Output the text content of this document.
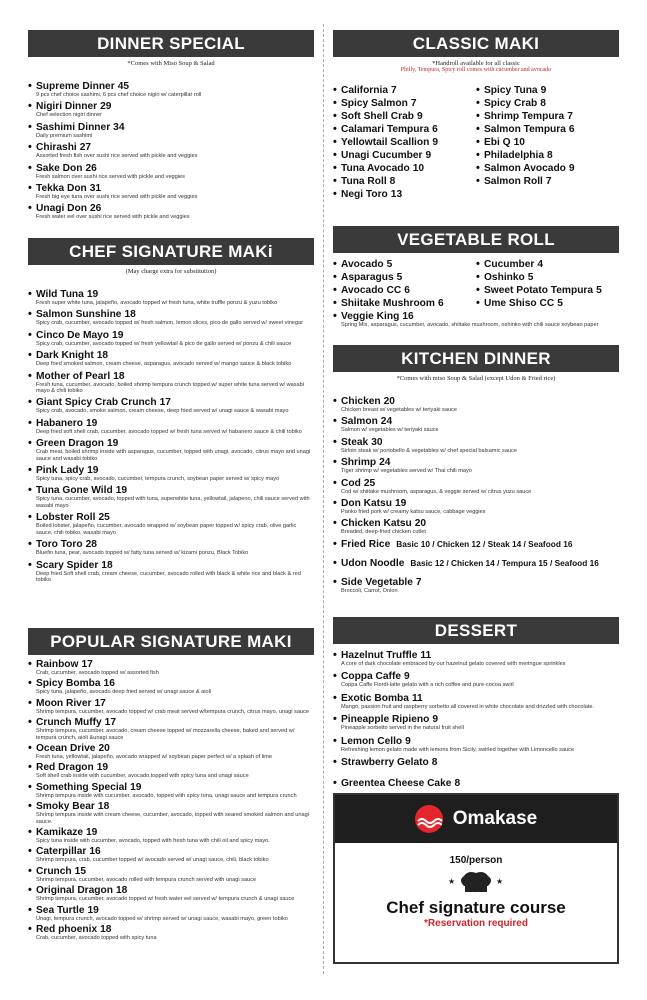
DINNER SPECIAL
*Comes with Miso Soup & Salad
• Supreme Dinner 45
9 pcs chef choice sashimi, 6 pcs chef choice nigiri w/ caterpillar roll
• Nigiri Dinner 29
Chef selection nigiri dinner
• Sashimi Dinner 34
Daily premium sashimi
• Chirashi 27
Assorted fresh fish over sushi rice served with pickle and veggies
• Sake Don 26
Fresh salmon over sushi rice served with pickle and veggies
• Tekka Don 31
Fresh big eye tuna over sushi rice served with pickle and veggies
• Unagi Don 26
Fresh water eel over sushi rice served with pickle and veggies
CHEF SIGNATURE MAKi
(May charge extra for substitution)
• Wild Tuna 19
Fresh super white tuna, jalapeño, avocado topped w/ fresh tuna, white truffle ponzu & yuzu tobiko
• Salmon Sunshine 18
Spicy crab, cucumber, avocado topped w/ fresh salmon, lemon slices, pico de gallo served w/ sweet vinegar
• Cinco De Mayo 19
Spicy crab, cucumber, avocado topped w/ fresh yellowtail & pico de gallo served w/ ponzu & chili sauce
• Dark Knight 18
Deep fried smoked salmon, cream cheese, asparagus, avocado served w/ mango sauce & black tobiko
• Mother of Pearl 18
Fresh tuna, cucumber, avocado, boiled shrimp tempura crunch topped w/ super white tuna served w/ wasabi mayo & chili tobiko
• Giant Spicy Crab Crunch 17
Spicy crab, avocado, smoke salmon, cream cheese, deep fried served w/ unagi sauce & wasabi mayo
• Habanero 19
Deep fried soft shell crab, cucumber, avocado topped w/ fresh tuna served w/ habanero sauce & chili tobiko
• Green Dragon 19
Crab meat, boiled shrimp inside with asparagus, cucumber, topped with unagi, avocado, citrus mayo and unagi sauce and wasabi tobiko
• Pink Lady 19
Spicy tuna, spicy crab, avocado, cucumber, tempura crunch, soybean paper served w/ spicy mayo
• Tuna Gone Wild 19
Spicy tuna, cucumber, avocado, topped with tuna, superwhite tuna, yellowtail, jalapeno, chili sauce served with wasabi mayo
• Lobster Roll 25
Boiled lobster, jalapeño, cucumber, avocado wrapped w/ soybean paper topped w/ spicy crab, olive garlic sauce, chili tobiko, wasabi mayo
• Toro Toro 28
Bluefin tuna, pear, avocado topped w/ fatty tuna served w/ kizami ponzu, Black Tobiko
• Scary Spider 18
Deep fried Soft shell crab, cream cheese, cucumber, avocado rolled with black & white rice and black & red tobiko
POPULAR SIGNATURE MAKI
• Rainbow 17
Crab, cucumber, avocado topped w/ assorted fish
• Spicy Bomba 16
Spicy tuna, jalapeño, avocado deep fried served w/ unagi sauce & aioli
• Moon River 17
Shrimp tempura, cucumber, avocado topped w/ crab meat served w/tempura crunch, citrus mayo, unagi sauce
• Crunch Muffy 17
Shrimp tempura, cucumber, avocado, cream cheese topped w/ mozzarella cheese, baked and served w/ tempura crunch, aioli &unagi sauce
• Ocean Drive 20
Fresh tuna, yellowtail, jalapeño, avocado wrapped w/ soybean paper perfect w/ a splash of lime
• Red Dragon 19
Soft shell crab inside with cucumber, avocado,topped with spicy tuna and unagi sauce
• Something Special 19
Shrimp tempura inside with cucumber, avocado, topped with spicy tuna, unagi sauce and tempura crunch
• Smoky Bear 18
Shrimp tempura inside with cream cheese, cucumber, avocado, topped with seared smoked salmon and unagi sauce.
• Kamikaze 19
Spicy tuna inside with cucumber, avocado, topped with fresh tuna with chili oil and spicy mayo.
• Caterpillar 16
Shrimp tempura, crab, cucumber topped w/ avocado served w/ unagi sauce, chili, black tobiko
• Crunch 15
Shrimp tempura, cucumber, avocado rolled with tempura crunch served with unagi sauce
• Original Dragon 18
Shrimp tempura, cucumber, avocado topped w/ fresh water eel served w/ tempura crunch & unagi sauce
• Sea Turtle 19
Unagi, tempura crunch, avocado topped w/ shrimp served w/ unagi sauce, wasabi mayo, green tobiko
• Red phoenix 18
Crab, cucumber, avocado topped with spicy tuna
CLASSIC MAKI
*Handroll available for all classic
Philly, Tempura, Spicy roll comes with cucumber and avocado
• California 7
• Spicy Salmon 7
• Soft Shell Crab 9
• Calamari Tempura 6
• Yellowtail Scallion 9
• Unagi Cucumber 9
• Tuna Avocado 10
• Tuna Roll 8
• Negi Toro 13
• Spicy Tuna 9
• Spicy Crab 8
• Shrimp Tempura 7
• Salmon Tempura 6
• Ebi Q 10
• Philadelphia 8
• Salmon Avocado 9
• Salmon Roll 7
VEGETABLE ROLL
• Avocado 5
• Asparagus 5
• Avocado CC 6
• Shiitake Mushroom 6
• Cucumber 4
• Oshinko 5
• Sweet Potato Tempura 5
• Ume Shiso CC 5
• Veggie King 16
Spring Mix, asparagus, cucumber, avocado, shiitake mushroom, oshinko with chili sauce soybean paper
KITCHEN DINNER
*Comes with miso Soup & Salad (except Udon & Fried rice)
• Chicken 20
Chicken breast w/ vegetables w/ teriyaki sauce
• Salmon 24
Salmon w/ vegetables w/ teriyaki sauce
• Steak 30
Sirloin steak w/ portobello & vegetables w/ chef special balsamic sauce
• Shrimp 24
Tiger shrimp w/ vegetables served w/ Thai chili mayo
• Cod 25
Cod w/ shiitake mushroom, asparagus, & veggie served w/ citrus yuzu sauce
• Don Katsu 19
Panko fried pork w/ creamy katsu sauce, cabbage veggies
• Chicken Katsu 20
Breaded, deep-fried chicken cutlet
• Fried Rice Basic 10 / Chicken 12 / Steak 14 / Seafood 16
• Udon Noodle Basic 12 / Chicken 14 / Tempura 15 / Seafood 16
• Side Vegetable 7
Broccoli, Carrot, Onion
DESSERT
• Hazelnut Truffle 11
A core of dark chocolate embraced by our hazelnut gelato covered with meringue sprinkles
• Coppa Caffe 9
Coppa Caffe Fiordi-latte gelato with a rich coffee and pure-cocoa swirl
• Exotic Bomba 11
Mango, passion fruit and raspberry sorbetto all covered in white chocolate and drizzled with chocolate.
• Pineapple Ripieno 9
Pineapple sorbetto served in the natural fruit shell
• Lemon Cello 9
Refreshing lemon gelato made with lemons from Sicily, swirled together with Limoncello sauce
• Strawberry Gelato 8
• Greentea Cheese Cake 8
Omakase
150/person
★	★
★
Chef signature course
*Reservation required
